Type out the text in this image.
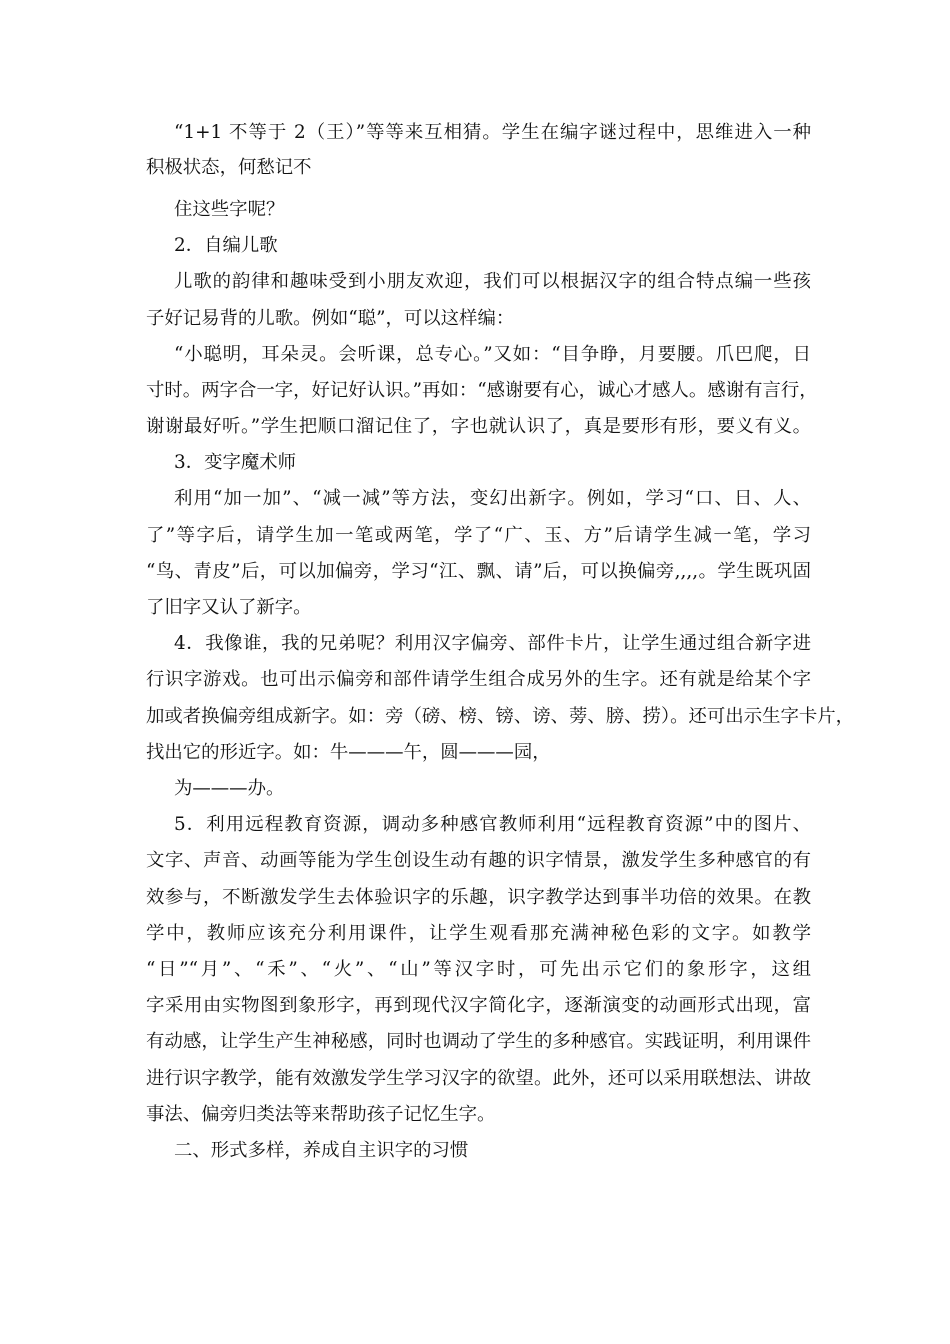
“1+1 不等于 2（王）”等等来互相猜。学生在编字谜过程中，思维进入一种
积极状态，何愁记不
住这些字呢？
2．自编儿歌
儿歌的韵律和趣味受到小朋友欢迎，我们可以根据汉字的组合特点编一些孩
子好记易背的儿歌。例如“聪”，可以这样编：
“小聪明，耳朵灵。会听课，总专心。”又如：“目争睁，月要腰。爪巴爬，日
寸时。两字合一字，好记好认识。”再如：“感谢要有心，诚心才感人。感谢有言行，
谢谢最好听。”学生把顺口溜记住了，字也就认识了，真是要形有形，要义有义。
3．变字魔术师
利用“加一加”、“减一减”等方法，变幻出新字。例如，学习“口、日、人、
了”等字后，请学生加一笔或两笔，学了“广、玉、方”后请学生减一笔，学习
“鸟、青皮”后，可以加偏旁，学习“江、飘、请”后，可以换偏旁,,,,。学生既巩固
了旧字又认了新字。
4．我像谁，我的兄弟呢？利用汉字偏旁、部件卡片，让学生通过组合新字进
行识字游戏。也可出示偏旁和部件请学生组合成另外的生字。还有就是给某个字
加或者换偏旁组成新字。如：旁（磅、榜、镑、谤、蒡、膀、捞）。还可出示生字卡片，
找出它的形近字。如：牛———午，圆———园，
为———办。
5．利用远程教育资源，调动多种感官教师利用“远程教育资源”中的图片、
文字、声音、动画等能为学生创设生动有趣的识字情景，激发学生多种感官的有
效参与，不断激发学生去体验识字的乐趣，识字教学达到事半功倍的效果。在教
学中，教师应该充分利用课件，让学生观看那充满神秘色彩的文字。如教学
“日”“月”、“禾”、“火”、“山”等汉字时，可先出示它们的象形字，这组
字采用由实物图到象形字，再到现代汉字简化字，逐渐演变的动画形式出现，富
有动感，让学生产生神秘感，同时也调动了学生的多种感官。实践证明，利用课件
进行识字教学，能有效激发学生学习汉字的欲望。此外，还可以采用联想法、讲故
事法、偏旁归类法等来帮助孩子记忆生字。
二、形式多样，养成自主识字的习惯
